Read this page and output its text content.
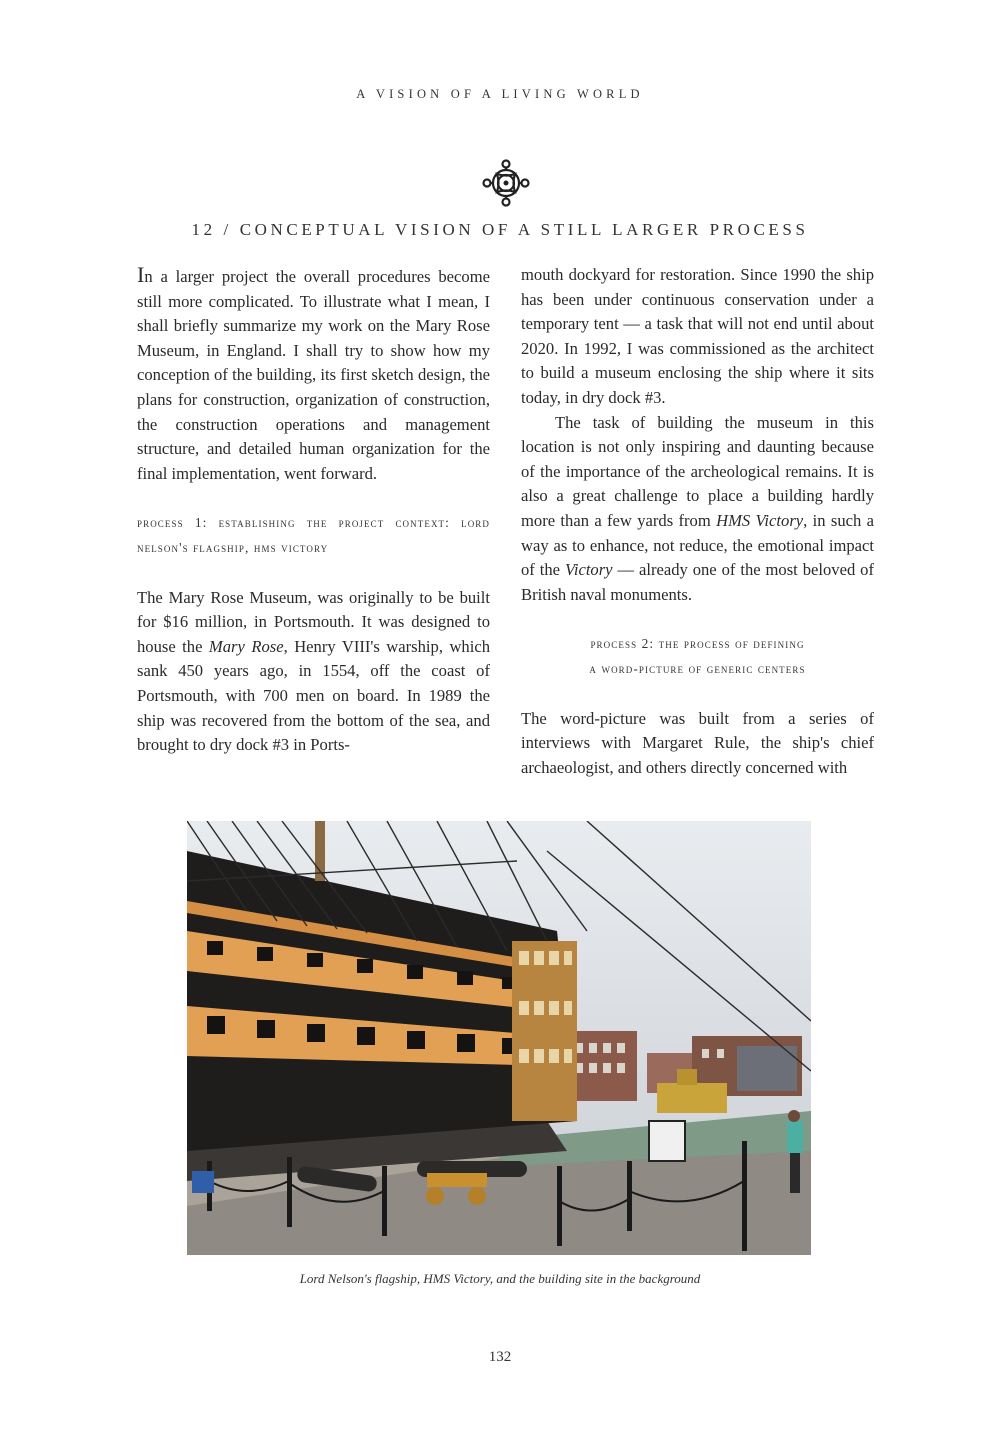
A VISION OF A LIVING WORLD
12 / CONCEPTUAL VISION OF A STILL LARGER PROCESS

In a larger project the overall procedures become still more complicated. To illustrate what I mean, I shall briefly summarize my work on the Mary Rose Museum, in England. I shall try to show how my conception of the building, its first sketch design, the plans for construction, organization of construction, the construction operations and management structure, and detailed human organization for the final implementation, went forward.

process 1: establishing the project context: lord nelson's flagship, hms victory

The Mary Rose Museum, was originally to be built for $16 million, in Portsmouth. It was designed to house the Mary Rose, Henry VIII's warship, which sank 450 years ago, in 1554, off the coast of Portsmouth, with 700 men on board. In 1989 the ship was recovered from the bottom of the sea, and brought to dry dock #3 in Ports-

mouth dockyard for restoration. Since 1990 the ship has been under continuous conservation under a temporary tent — a task that will not end until about 2020. In 1992, I was commissioned as the architect to build a museum enclosing the ship where it sits today, in dry dock #3.

The task of building the museum in this location is not only inspiring and daunting because of the importance of the archeological remains. It is also a great challenge to place a building hardly more than a few yards from HMS Victory, in such a way as to enhance, not reduce, the emotional impact of the Victory — already one of the most beloved of British naval monuments.

process 2: the process of defining
a word-picture of generic centers

The word-picture was built from a series of interviews with Margaret Rule, the ship's chief archaeologist, and others directly concerned with

Lord Nelson's flagship, HMS Victory, and the building site in the background
132
